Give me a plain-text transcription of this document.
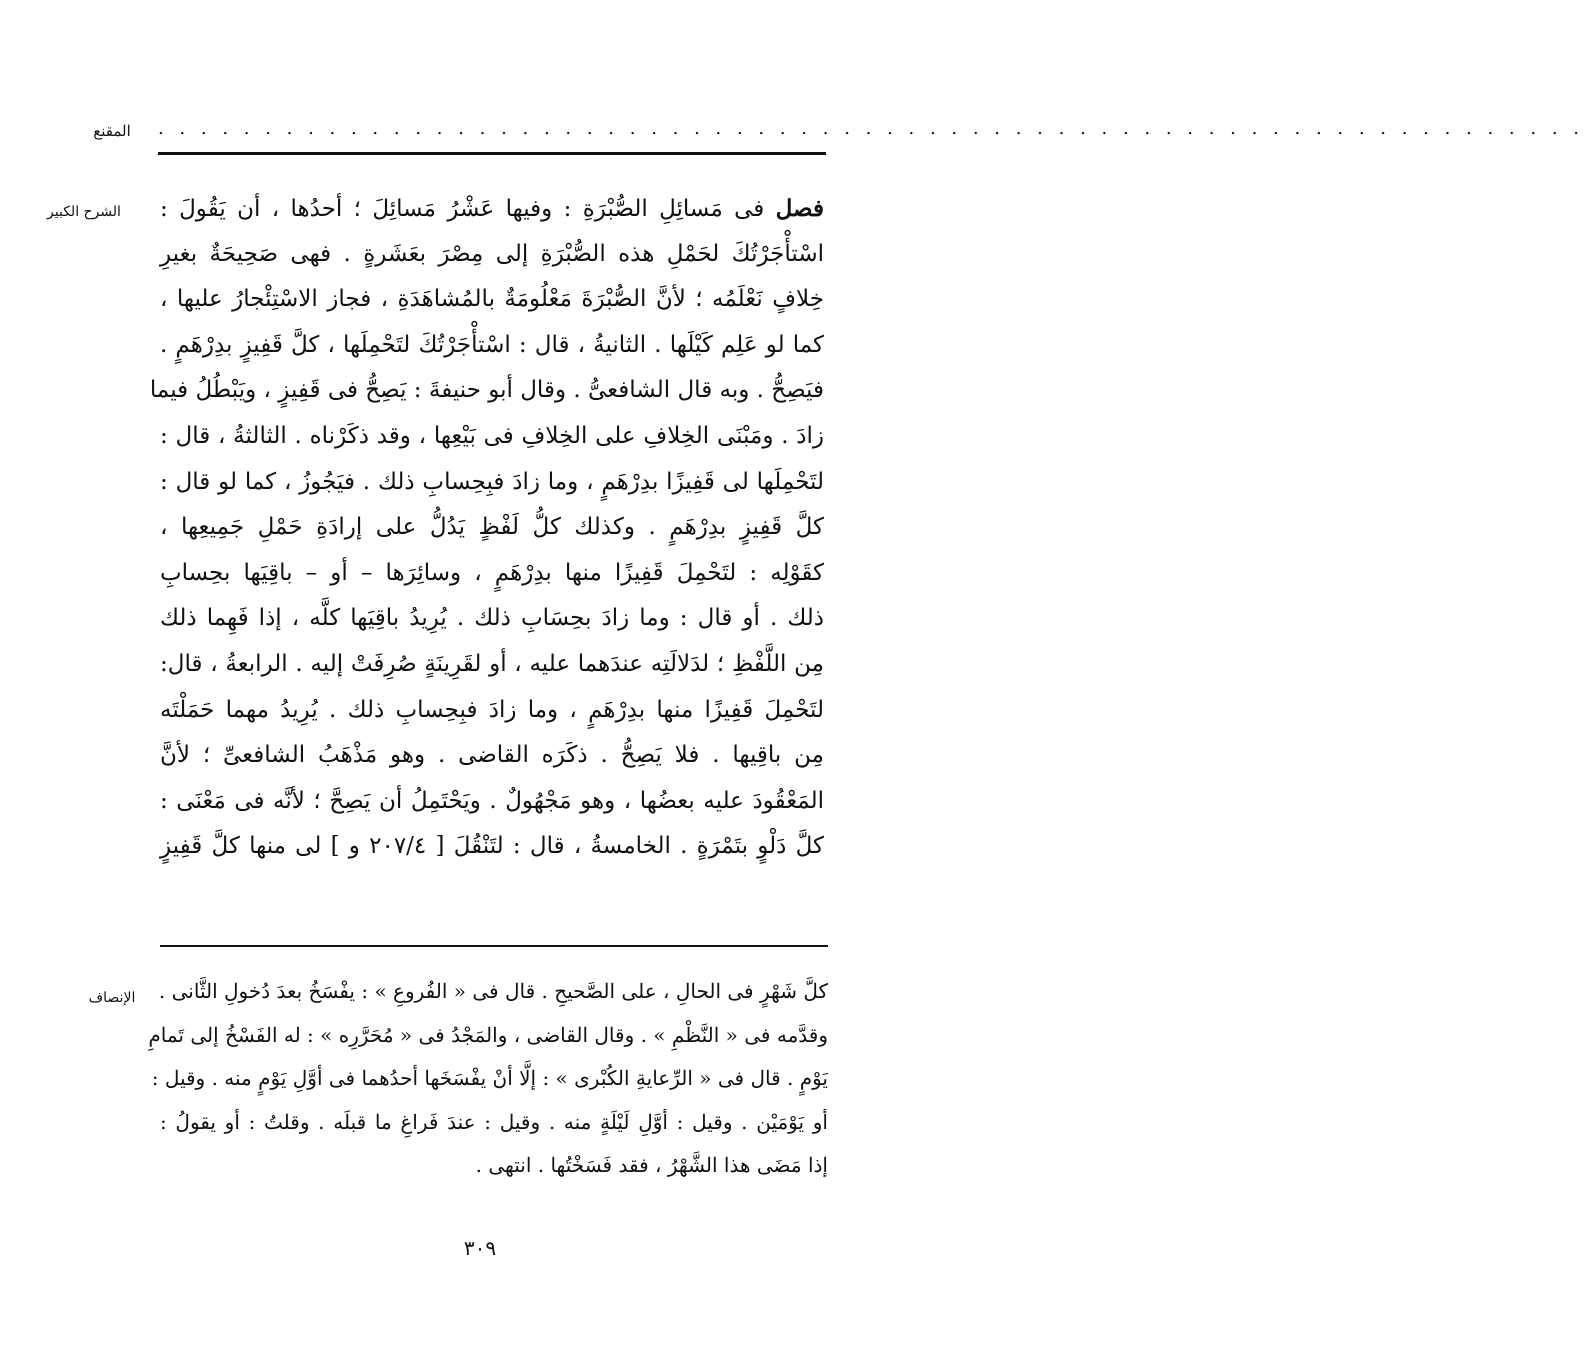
المقنع	. . . . . . . . . . . . . . . . . . . . . . . . . . . . . . . . . . . . . . . . . . . . . . . . . . . . . . . . . . . . . . . . . . .
الشرح الكبير	فصل فى مَسائِلِ الصُّبْرَةِ : وفيها عَشْرُ مَسائِلَ ؛ أحدُها ، أن يَقُولَ :
اسْتأْجَرْتُكَ لحَمْلِ هذه الصُّبْرَةِ إلى مِصْرَ بعَشَرةٍ . فهى صَحِيحَةٌ بغيرِ
خِلافٍ نَعْلَمُه ؛ لأنَّ الصُّبْرَةَ مَعْلُومَةٌ بالمُشاهَدَةِ ، فجاز الاسْتِئْجارُ عليها ،
كما لو عَلِم كَيْلَها . الثانيةُ ، قال : اسْتأْجَرْتُكَ لتَحْمِلَها ، كلَّ قَفِيزٍ بدِرْهَمٍ .
فيَصِحُّ . وبه قال الشافعىُّ . وقال أبو حنيفةَ : يَصِحُّ فى قَفِيزٍ ، ويَبْطُلُ فيما
زادَ . ومَبْنَى الخِلافِ على الخِلافِ فى بَيْعِها ، وقد ذكَرْناه . الثالثةُ ، قال :
لتَحْمِلَها لى قَفِيزًا بدِرْهَمٍ ، وما زادَ فبِحِسابِ ذلك . فيَجُوزُ ، كما لو قال :
كلَّ قَفِيزٍ بدِرْهَمٍ . وكذلك كلُّ لَفْظٍ يَدُلُّ على إرادَةِ حَمْلِ جَمِيعِها ،
كقَوْلِه : لتَحْمِلَ قَفِيزًا منها بدِرْهَمٍ ، وسائِرَها – أو – باقِيَها بحِسابِ
ذلك . أو قال : وما زادَ بحِسَابِ ذلك . يُرِيدُ باقِيَها كلَّه ، إذا فَهِما ذلك
مِن اللَّفْظِ ؛ لدَلالَتِه عندَهما عليه ، أو لقَرِينَةٍ صُرِفَتْ إليه . الرابعةُ ، قال:
لتَحْمِلَ قَفِيزًا منها بدِرْهَمٍ ، وما زادَ فبِحِسابِ ذلك . يُرِيدُ مهما حَمَلْتَه
مِن باقِيها . فلا يَصِحُّ . ذكَرَه القاضى . وهو مَذْهَبُ الشافعىِّ ؛ لأنَّ
المَعْقُودَ عليه بعضُها ، وهو مَجْهُولٌ . ويَحْتَمِلُ أن يَصِحَّ ؛ لأنَّه فى مَعْنَى :
كلَّ دَلْوٍ بتَمْرَةٍ . الخامسةُ ، قال : لتَنْقُلَ [ ٢٠٧/٤ و ] لى منها كلَّ قَفِيزٍ
الإنصاف	كلَّ شَهْرٍ فى الحالِ ، على الصَّحيحِ . قال فى « الفُروعِ » : يفْسَخُ بعدَ دُخولِ الثَّانى .
وقدَّمه فى « النَّظْمِ » . وقال القاضى ، والمَجْدُ فى « مُحَرَّرِه » : له الفَسْخُ إلى تَمامِ
يَوْمٍ . قال فى « الرِّعايةِ الكُبْرى » : إلَّا أنْ يفْسَخَها أحدُهما فى أوَّلِ يَوْمٍ منه . وقيل :
أو يَوْمَيْن . وقيل : أوَّلِ لَيْلَةٍ منه . وقيل : عندَ فَراغِ ما قبلَه . وقلتُ : أو يقولُ :
إذا مَضَى هذا الشَّهْرُ ، فقد فَسَخْتُها . انتهى .
٣٠٩
